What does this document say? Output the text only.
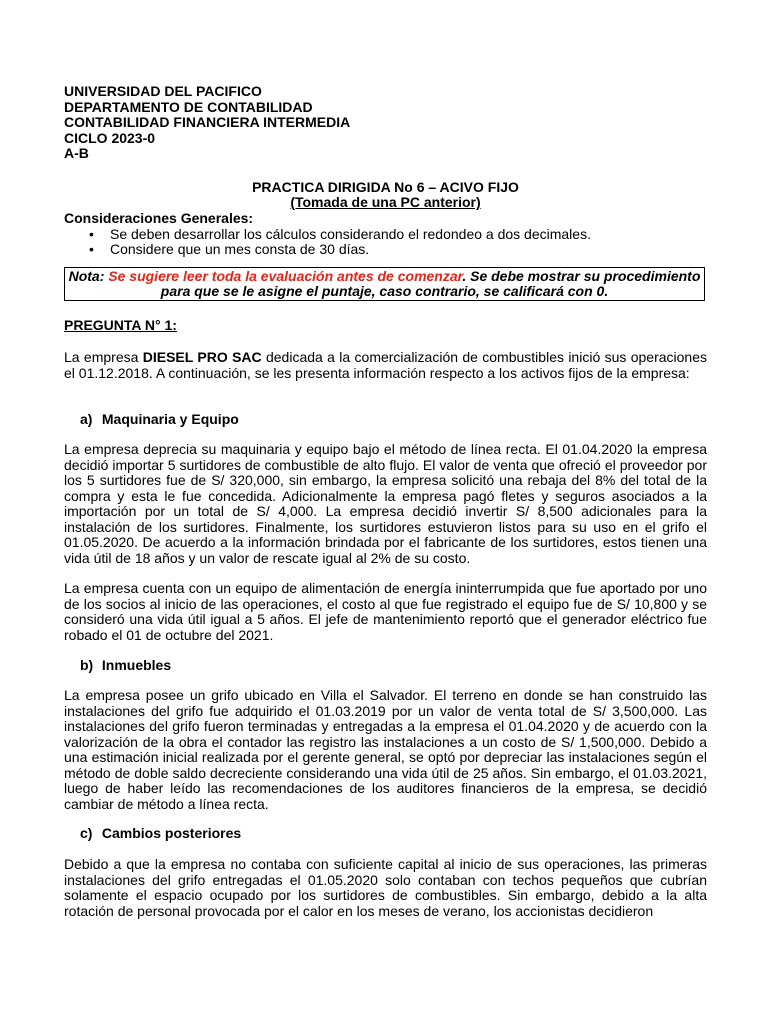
UNIVERSIDAD DEL PACIFICO
DEPARTAMENTO DE CONTABILIDAD
CONTABILIDAD FINANCIERA INTERMEDIA
CICLO 2023-0
A-B
PRACTICA DIRIGIDA No 6 – ACIVO FIJO
(Tomada de una PC anterior)
Consideraciones Generales:
• Se deben desarrollar los cálculos considerando el redondeo a dos decimales.
• Considere que un mes consta de 30 días.
Nota: Se sugiere leer toda la evaluación antes de comenzar. Se debe mostrar su procedimiento para que se le asigne el puntaje, caso contrario, se calificará con 0.
PREGUNTA N° 1:
La empresa DIESEL PRO SAC dedicada a la comercialización de combustibles inició sus operaciones el 01.12.2018. A continuación, se les presenta información respecto a los activos fijos de la empresa:
a) Maquinaria y Equipo
La empresa deprecia su maquinaria y equipo bajo el método de línea recta. El 01.04.2020 la empresa decidió importar 5 surtidores de combustible de alto flujo. El valor de venta que ofreció el proveedor por los 5 surtidores fue de S/ 320,000, sin embargo, la empresa solicitó una rebaja del 8% del total de la compra y esta le fue concedida. Adicionalmente la empresa pagó fletes y seguros asociados a la importación por un total de S/ 4,000. La empresa decidió invertir S/ 8,500 adicionales para la instalación de los surtidores. Finalmente, los surtidores estuvieron listos para su uso en el grifo el 01.05.2020. De acuerdo a la información brindada por el fabricante de los surtidores, estos tienen una vida útil de 18 años y un valor de rescate igual al 2% de su costo.
La empresa cuenta con un equipo de alimentación de energía ininterrumpida que fue aportado por uno de los socios al inicio de las operaciones, el costo al que fue registrado el equipo fue de S/ 10,800 y se consideró una vida útil igual a 5 años. El jefe de mantenimiento reportó que el generador eléctrico fue robado el 01 de octubre del 2021.
b) Inmuebles
La empresa posee un grifo ubicado en Villa el Salvador. El terreno en donde se han construido las instalaciones del grifo fue adquirido el 01.03.2019 por un valor de venta total de S/ 3,500,000. Las instalaciones del grifo fueron terminadas y entregadas a la empresa el 01.04.2020 y de acuerdo con la valorización de la obra el contador las registro las instalaciones a un costo de S/ 1,500,000. Debido a una estimación inicial realizada por el gerente general, se optó por depreciar las instalaciones según el método de doble saldo decreciente considerando una vida útil de 25 años. Sin embargo, el 01.03.2021, luego de haber leído las recomendaciones de los auditores financieros de la empresa, se decidió cambiar de método a línea recta.
c) Cambios posteriores
Debido a que la empresa no contaba con suficiente capital al inicio de sus operaciones, las primeras instalaciones del grifo entregadas el 01.05.2020 solo contaban con techos pequeños que cubrían solamente el espacio ocupado por los surtidores de combustibles. Sin embargo, debido a la alta rotación de personal provocada por el calor en los meses de verano, los accionistas decidieron
